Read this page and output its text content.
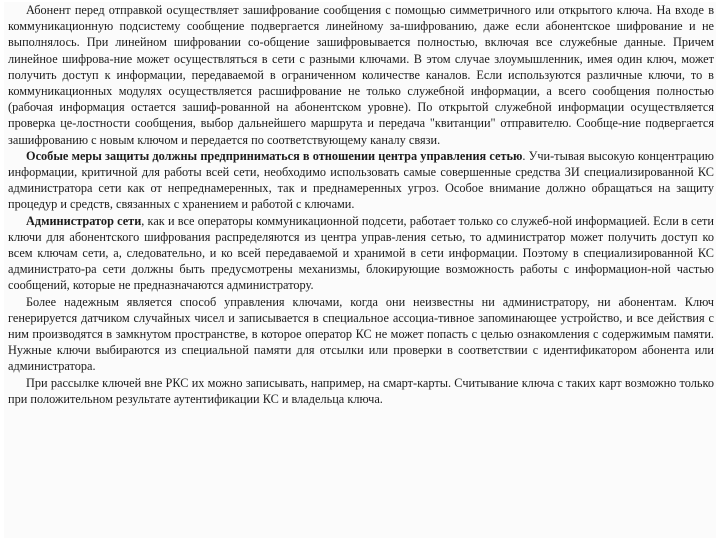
Абонент перед отправкой осуществляет зашифрование сообщения с помощью симметричного или открытого ключа. На входе в коммуникационную подсистему сообщение подвергается линейному за-шифрованию, даже если абонентское шифрование и не выполнялось. При линейном шифровании со-общение зашифровывается полностью, включая все служебные данные. Причем линейное шифрова-ние может осуществляться в сети с разными ключами. В этом случае злоумышленник, имея один ключ, может получить доступ к информации, передаваемой в ограниченном количестве каналов. Если используются различные ключи, то в коммуникационных модулях осуществляется расшифрование не только служебной информации, а всего сообщения полностью (рабочая информация остается зашиф-рованной на абонентском уровне). По открытой служебной информации осуществляется проверка це-лостности сообщения, выбор дальнейшего маршрута и передача "квитанции" отправителю. Сообще-ние подвергается зашифрованию с новым ключом и передается по соответствующему каналу связи.

Особые меры защиты должны предприниматься в отношении центра управления сетью. Учи-тывая высокую концентрацию информации, критичной для работы всей сети, необходимо использовать самые совершенные средства ЗИ специализированной КС администратора сети как от непреднамеренных, так и преднамеренных угроз. Особое внимание должно обращаться на защиту процедур и средств, связанных с хранением и работой с ключами.

Администратор сети, как и все операторы коммуникационной подсети, работает только со служеб-ной информацией. Если в сети ключи для абонентского шифрования распределяются из центра управ-ления сетью, то администратор может получить доступ ко всем ключам сети, а, следовательно, и ко всей передаваемой и хранимой в сети информации. Поэтому в специализированной КС администрато-ра сети должны быть предусмотрены механизмы, блокирующие возможность работы с информацион-ной частью сообщений, которые не предназначаются администратору.

Более надежным является способ управления ключами, когда они неизвестны ни администратору, ни абонентам. Ключ генерируется датчиком случайных чисел и записывается в специальное ассоциа-тивное запоминающее устройство, и все действия с ним производятся в замкнутом пространстве, в которое оператор КС не может попасть с целью ознакомления с содержимым памяти. Нужные ключи выбираются из специальной памяти для отсылки или проверки в соответствии с идентификатором абонента или администратора.

При рассылке ключей вне РКС их можно записывать, например, на смарт-карты. Считывание ключа с таких карт возможно только при положительном результате аутентификации КС и владельца ключа.
